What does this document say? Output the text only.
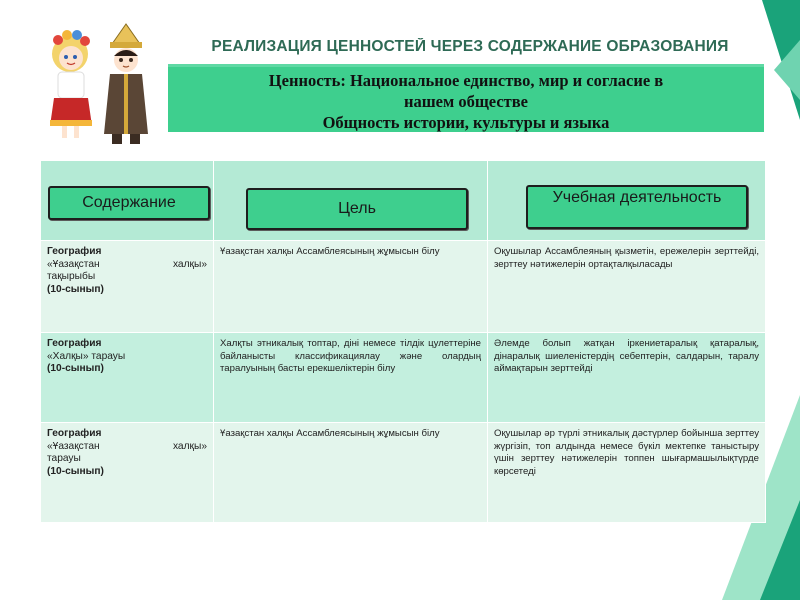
РЕАЛИЗАЦИЯ ЦЕННОСТЕЙ ЧЕРЕЗ СОДЕРЖАНИЕ ОБРАЗОВАНИЯ
Ценность: Национальное единство, мир и согласие в
нашем обществе
Общность истории, культуры и языка
Содержание	Цель	Учебная деятельность

География
«Ұазақстан халқы»
тақырыбы
(10-сынып)	Ұазақстан халқы Ассамблеясының жұмысын білу	Оқушылар Ассамблеяның қызметін, ережелерін зерттейді, зерттеу нәтижелерін ортақталқыласады

География
«Халқы» тарауы
(10-сынып)	Халқты этникалық топтар, діні немесе тілдік цулеттеріне байланысты классификациялау және олардың таралуының басты ерекшеліктерін білу	Әлемде болып жатқан іркениетаралық қатаралық, дінаралық шиеленістердің себептерін, салдарын, таралу аймақтарын зерттейді

География
«Ұазақстан халқы»
тарауы
(10-сынып)	Ұазақстан халқы Ассамблеясының жұмысын білу	Оқушылар әр түрлі этникалық дәстүрлер бойынша зерттеу жүргізіп, топ алдында немесе бүкіл мектепке таныстыру үшін зерттеу нәтижелерін топпен шығармашылықтүрде көрсетеді
